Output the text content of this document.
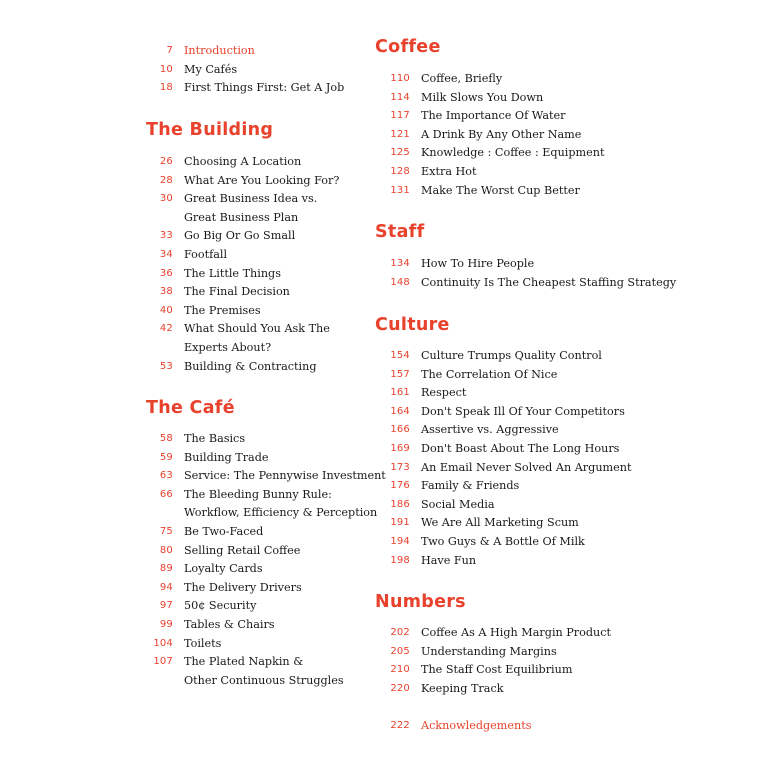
7 Introduction
10 My Cafés
18 First Things First: Get A Job
The Building
26 Choosing A Location
28 What Are You Looking For?
30 Great Business Idea vs.
Great Business Plan
33 Go Big Or Go Small
34 Footfall
36 The Little Things
38 The Final Decision
40 The Premises
42 What Should You Ask The
Experts About?
53 Building & Contracting
The Café
58 The Basics
59 Building Trade
63 Service: The Pennywise Investment
66 The Bleeding Bunny Rule:
Workflow, Efficiency & Perception
75 Be Two-Faced
80 Selling Retail Coffee
89 Loyalty Cards
94 The Delivery Drivers
97 50¢ Security
99 Tables & Chairs
104 Toilets
107 The Plated Napkin &
Other Continuous Struggles
Coffee
110 Coffee, Briefly
114 Milk Slows You Down
117 The Importance Of Water
121 A Drink By Any Other Name
125 Knowledge : Coffee : Equipment
128 Extra Hot
131 Make The Worst Cup Better
Staff
134 How To Hire People
148 Continuity Is The Cheapest Staffing Strategy
Culture
154 Culture Trumps Quality Control
157 The Correlation Of Nice
161 Respect
164 Don't Speak Ill Of Your Competitors
166 Assertive vs. Aggressive
169 Don't Boast About The Long Hours
173 An Email Never Solved An Argument
176 Family & Friends
186 Social Media
191 We Are All Marketing Scum
194 Two Guys & A Bottle Of Milk
198 Have Fun
Numbers
202 Coffee As A High Margin Product
205 Understanding Margins
210 The Staff Cost Equilibrium
220 Keeping Track
222 Acknowledgements
